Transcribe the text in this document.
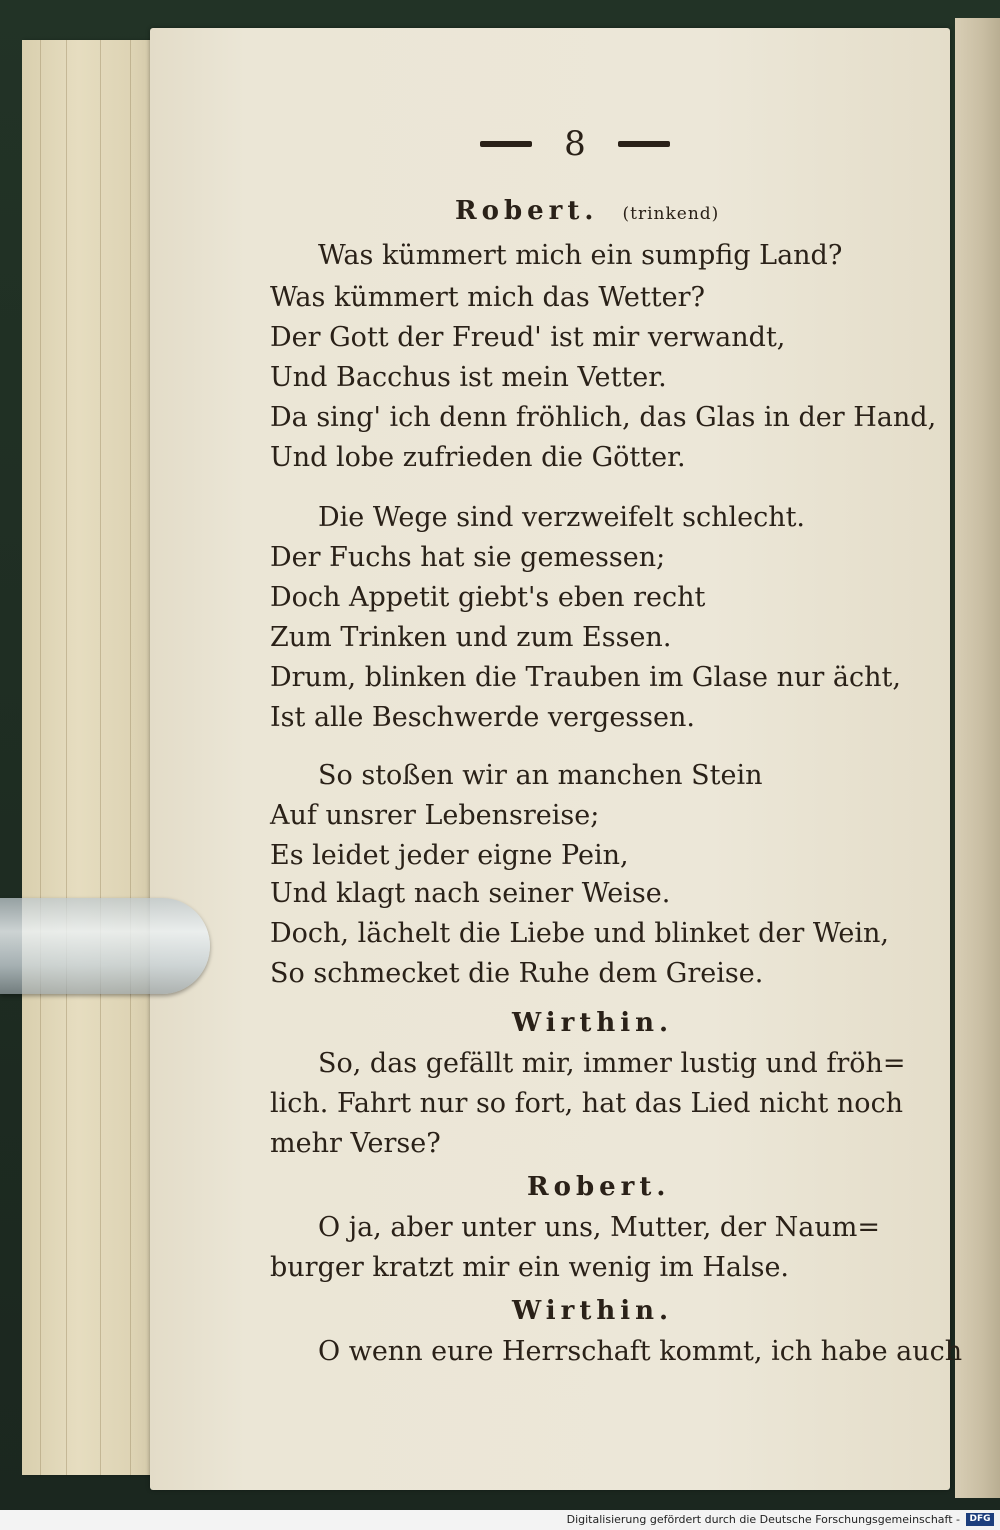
8
Robert. (trinkend)
Was kümmert mich ein sumpfig Land?
Was kümmert mich das Wetter?
Der Gott der Freud' ist mir verwandt,
Und Bacchus ist mein Vetter.
Da sing' ich denn fröhlich, das Glas in der Hand,
Und lobe zufrieden die Götter.
Die Wege sind verzweifelt schlecht.
Der Fuchs hat sie gemessen;
Doch Appetit giebt's eben recht
Zum Trinken und zum Essen.
Drum, blinken die Trauben im Glase nur ächt,
Ist alle Beschwerde vergessen.
So stoßen wir an manchen Stein
Auf unsrer Lebensreise;
Es leidet jeder eigne Pein,
Und klagt nach seiner Weise.
Doch, lächelt die Liebe und blinket der Wein,
So schmecket die Ruhe dem Greise.
Wirthin.
So, das gefällt mir, immer lustig und fröh=
lich. Fahrt nur so fort, hat das Lied nicht noch
mehr Verse?
Robert.
O ja, aber unter uns, Mutter, der Naum=
burger kratzt mir ein wenig im Halse.
Wirthin.
O wenn eure Herrschaft kommt, ich habe auch
Digitalisierung gefördert durch die Deutsche Forschungsgemeinschaft -	DFG
